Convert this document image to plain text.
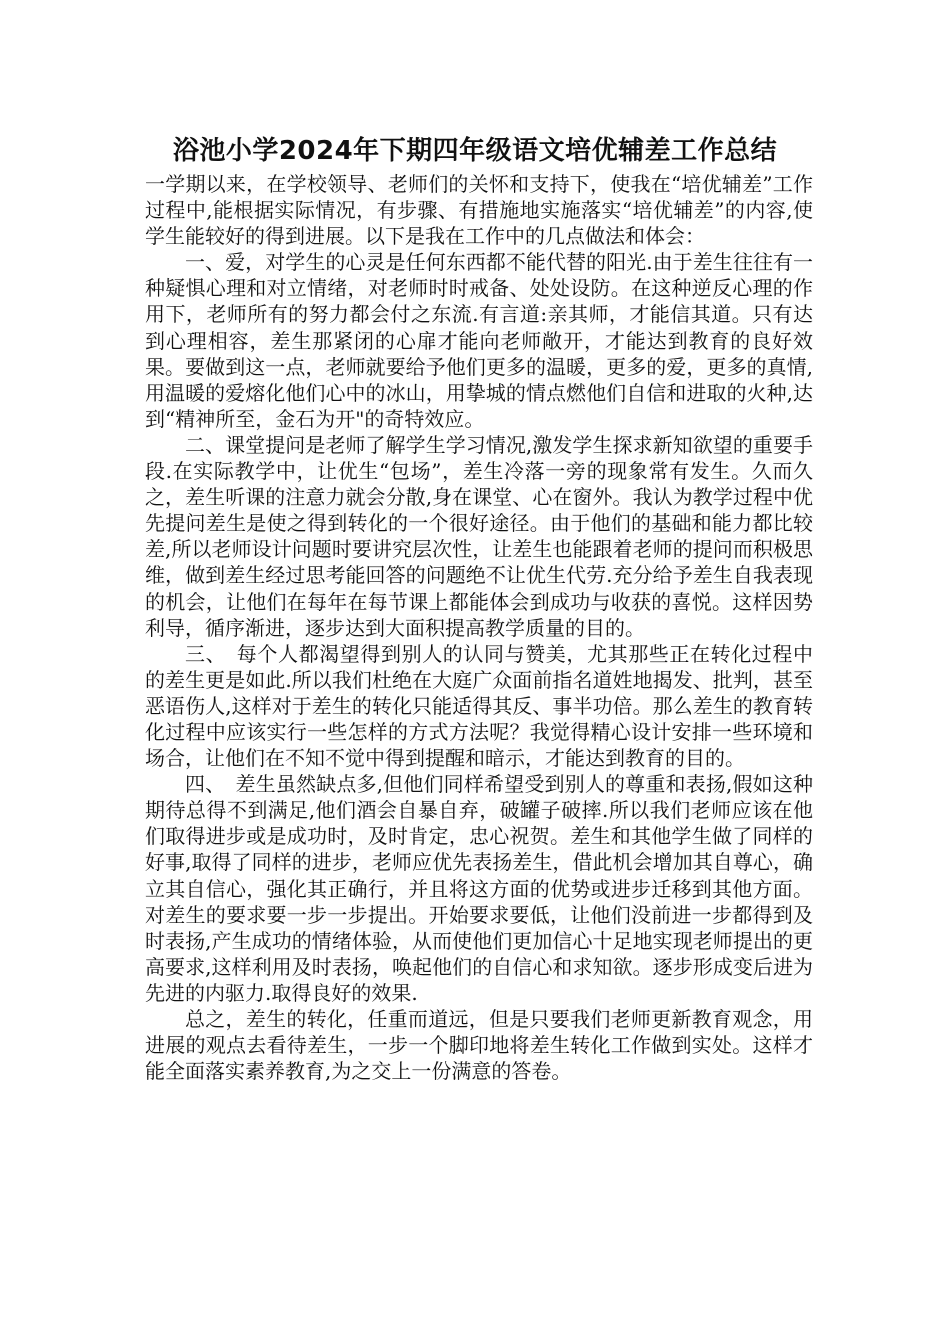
浴池小学2024年下期四年级语文培优辅差工作总结

一学期以来，在学校领导、老师们的关怀和支持下，使我在“培优辅差”工作过程中,能根据实际情况，有步骤、有措施地实施落实“培优辅差”的内容,使学生能较好的得到进展。以下是我在工作中的几点做法和体会：

一、爱，对学生的心灵是任何东西都不能代替的阳光.由于差生往往有一种疑惧心理和对立情绪，对老师时时戒备、处处设防。在这种逆反心理的作用下，老师所有的努力都会付之东流.有言道:亲其师，才能信其道。只有达到心理相容，差生那紧闭的心扉才能向老师敞开，才能达到教育的良好效果。要做到这一点，老师就要给予他们更多的温暖，更多的爱，更多的真情,用温暖的爱熔化他们心中的冰山，用挚城的情点燃他们自信和进取的火种,达到“精神所至，金石为开"的奇特效应。

二、课堂提问是老师了解学生学习情况,激发学生探求新知欲望的重要手段.在实际教学中，让优生“包场”，差生冷落一旁的现象常有发生。久而久之，差生听课的注意力就会分散,身在课堂、心在窗外。我认为教学过程中优先提问差生是使之得到转化的一个很好途径。由于他们的基础和能力都比较差,所以老师设计问题时要讲究层次性，让差生也能跟着老师的提问而积极思维，做到差生经过思考能回答的问题绝不让优生代劳.充分给予差生自我表现的机会，让他们在每年在每节课上都能体会到成功与收获的喜悦。这样因势利导，循序渐进，逐步达到大面积提高教学质量的目的。

三、　每个人都渴望得到别人的认同与赞美，尤其那些正在转化过程中的差生更是如此.所以我们杜绝在大庭广众面前指名道姓地揭发、批判，甚至恶语伤人,这样对于差生的转化只能适得其反、事半功倍。那么差生的教育转化过程中应该实行一些怎样的方式方法呢？我觉得精心设计安排一些环境和场合，让他们在不知不觉中得到提醒和暗示，才能达到教育的目的。

四、　差生虽然缺点多,但他们同样希望受到别人的尊重和表扬,假如这种期待总得不到满足,他们酒会自暴自弃，破罐子破摔.所以我们老师应该在他们取得进步或是成功时，及时肯定，忠心祝贺。差生和其他学生做了同样的好事,取得了同样的进步，老师应优先表扬差生，借此机会增加其自尊心，确立其自信心，强化其正确行，并且将这方面的优势或进步迁移到其他方面。对差生的要求要一步一步提出。开始要求要低，让他们没前进一步都得到及时表扬,产生成功的情绪体验，从而使他们更加信心十足地实现老师提出的更高要求,这样利用及时表扬，唤起他们的自信心和求知欲。逐步形成变后进为先进的内驱力.取得良好的效果.

总之，差生的转化，任重而道远，但是只要我们老师更新教育观念，用进展的观点去看待差生，一步一个脚印地将差生转化工作做到实处。这样才能全面落实素养教育,为之交上一份满意的答卷。
